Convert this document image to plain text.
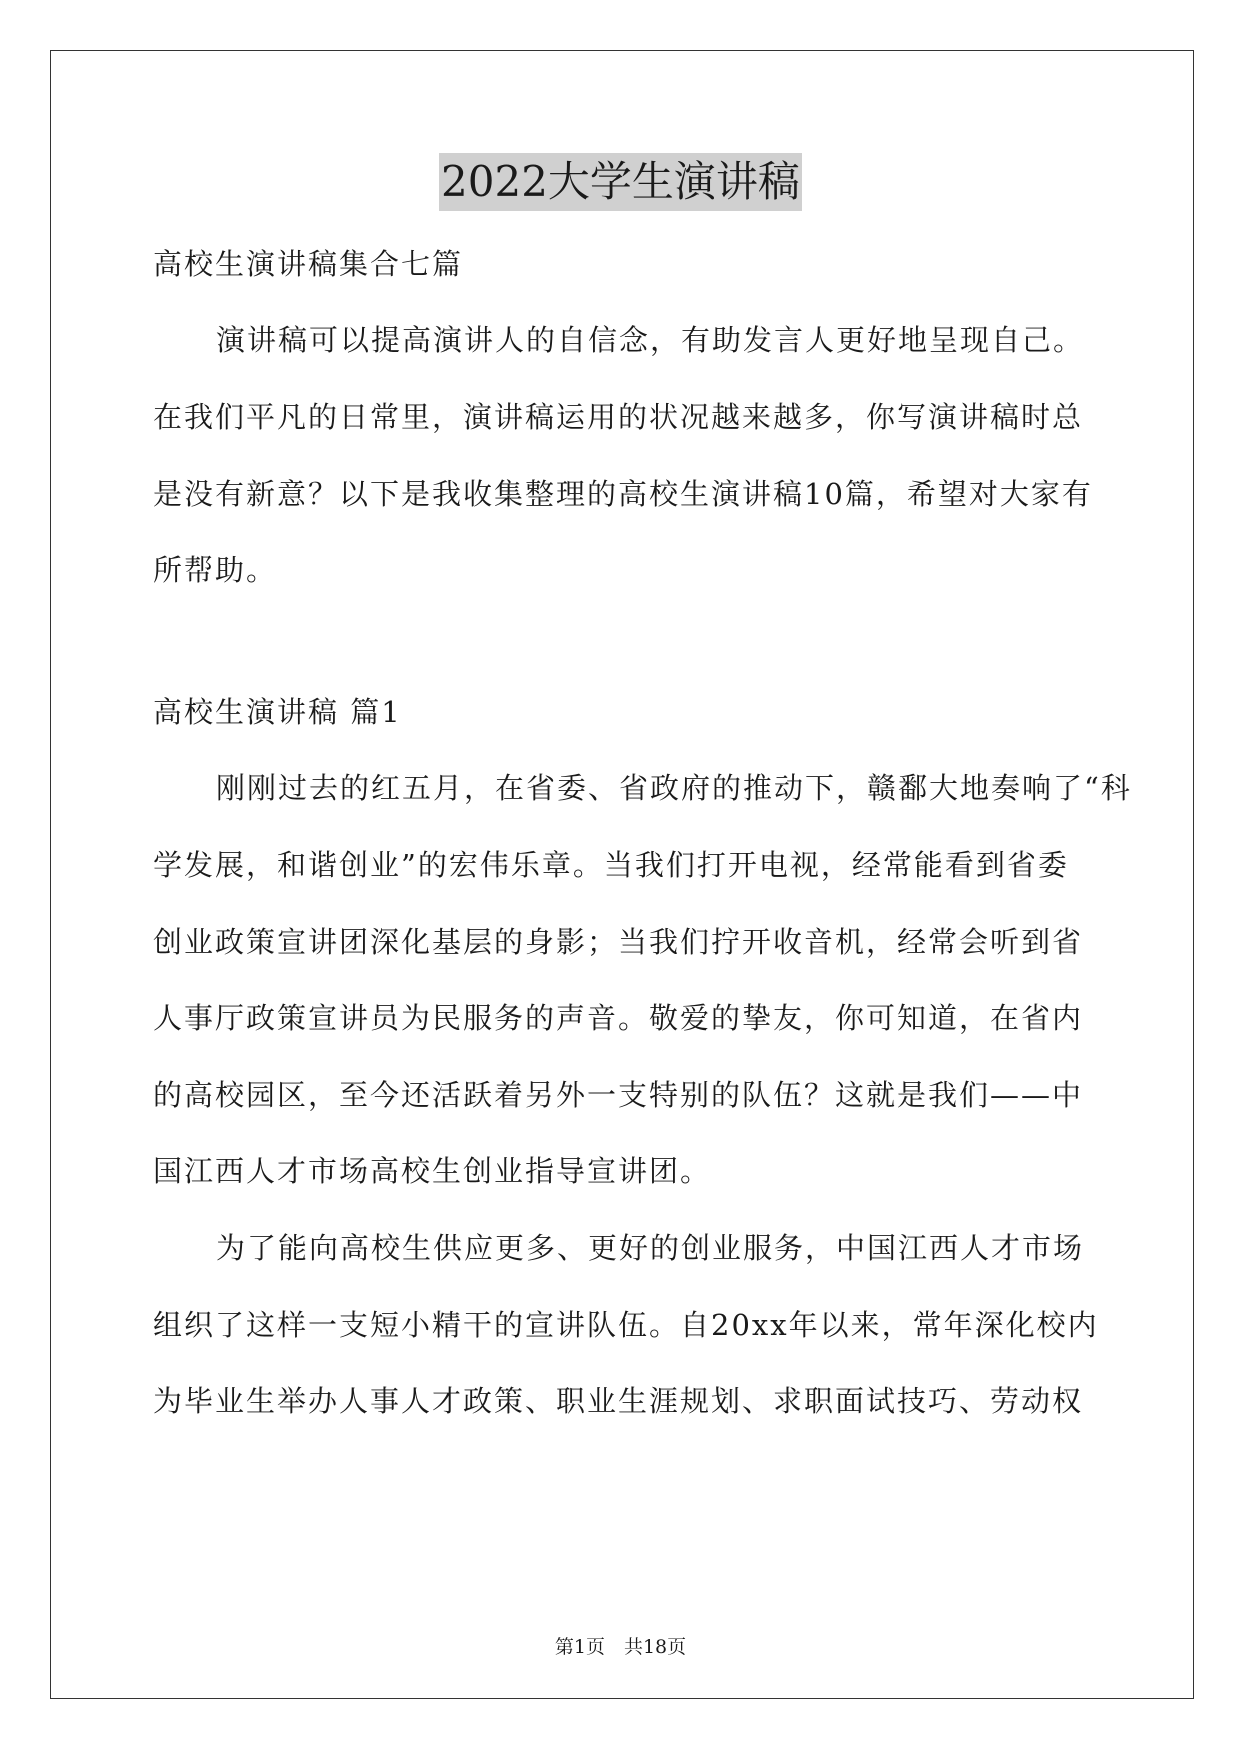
2022大学生演讲稿
高校生演讲稿集合七篇
演讲稿可以提高演讲人的自信念，有助发言人更好地呈现自己。
在我们平凡的日常里，演讲稿运用的状况越来越多，你写演讲稿时总
是没有新意？以下是我收集整理的高校生演讲稿10篇，希望对大家有
所帮助。
高校生演讲稿 篇1
刚刚过去的红五月，在省委、省政府的推动下，赣鄱大地奏响了“科
学发展，和谐创业”的宏伟乐章。当我们打开电视，经常能看到省委
创业政策宣讲团深化基层的身影；当我们拧开收音机，经常会听到省
人事厅政策宣讲员为民服务的声音。敬爱的挚友，你可知道，在省内
的高校园区，至今还活跃着另外一支特别的队伍？这就是我们——中
国江西人才市场高校生创业指导宣讲团。
为了能向高校生供应更多、更好的创业服务，中国江西人才市场
组织了这样一支短小精干的宣讲队伍。自20xx年以来，常年深化校内
为毕业生举办人事人才政策、职业生涯规划、求职面试技巧、劳动权
第1页　共18页
